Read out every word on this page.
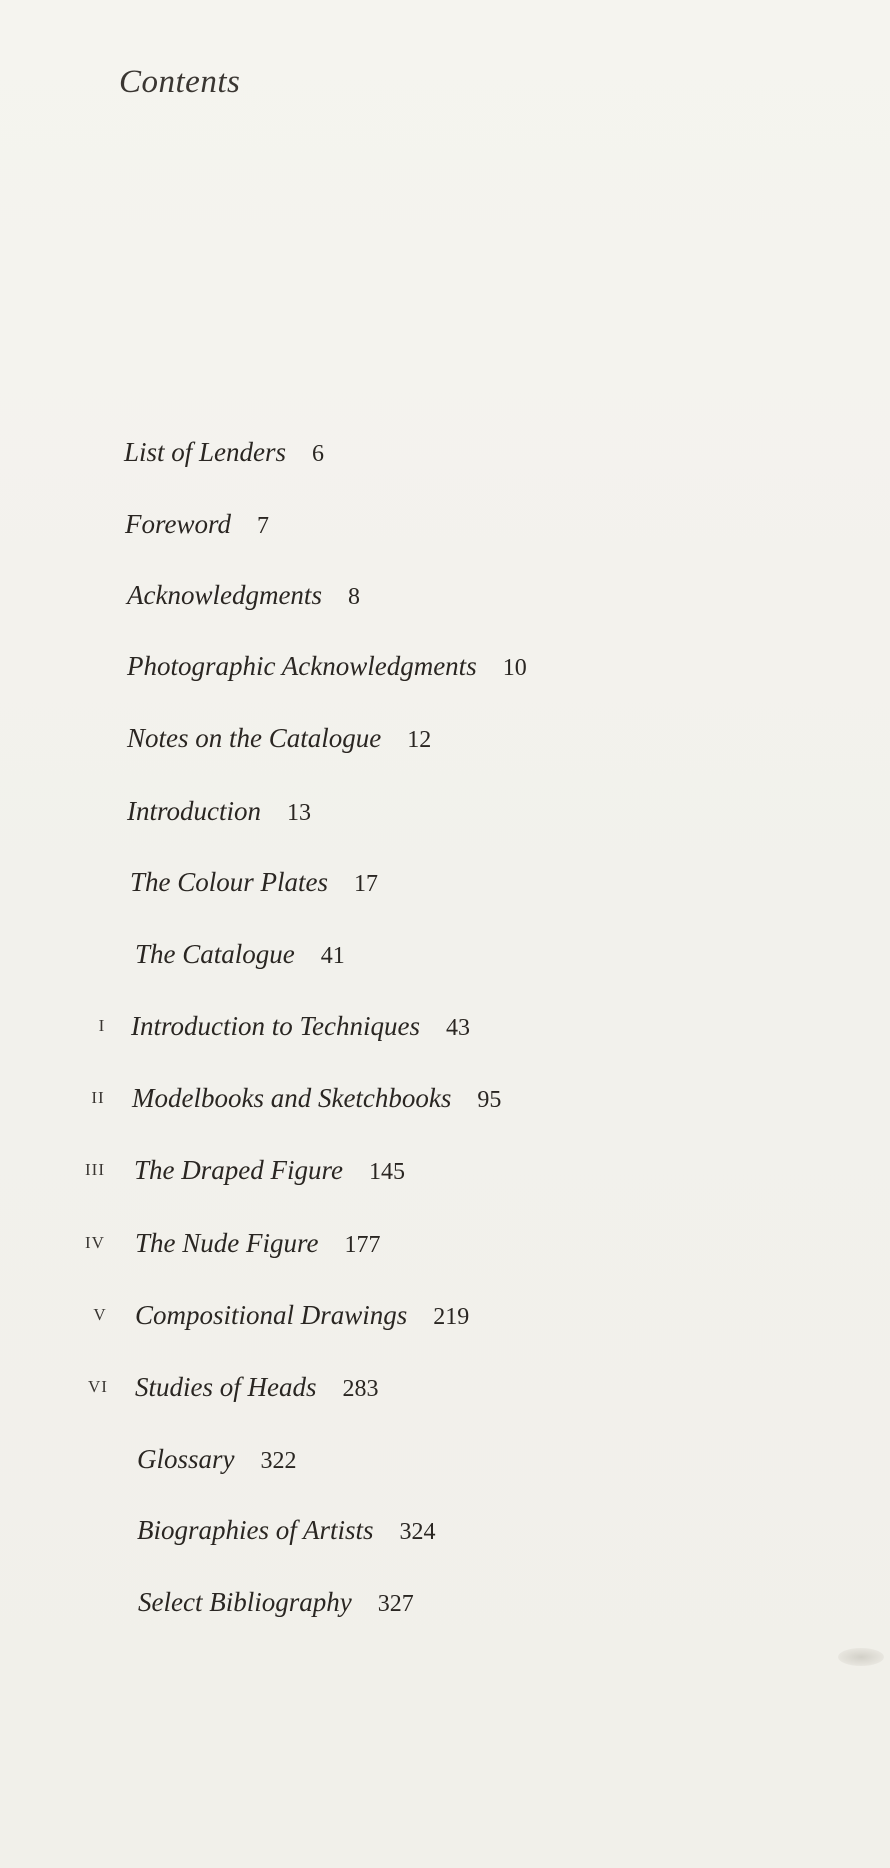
Contents
List of Lenders 6
Foreword 7
Acknowledgments 8
Photographic Acknowledgments 10
Notes on the Catalogue 12
Introduction 13
The Colour Plates 17
The Catalogue 41
I Introduction to Techniques 43
II	Modelbooks and Sketchbooks 95
III	The Draped Figure 145
IV	The Nude Figure 177
V	Compositional Drawings 219
VI	Studies of Heads 283
Glossary 322
Biographies of Artists 324
Select Bibliography 327
